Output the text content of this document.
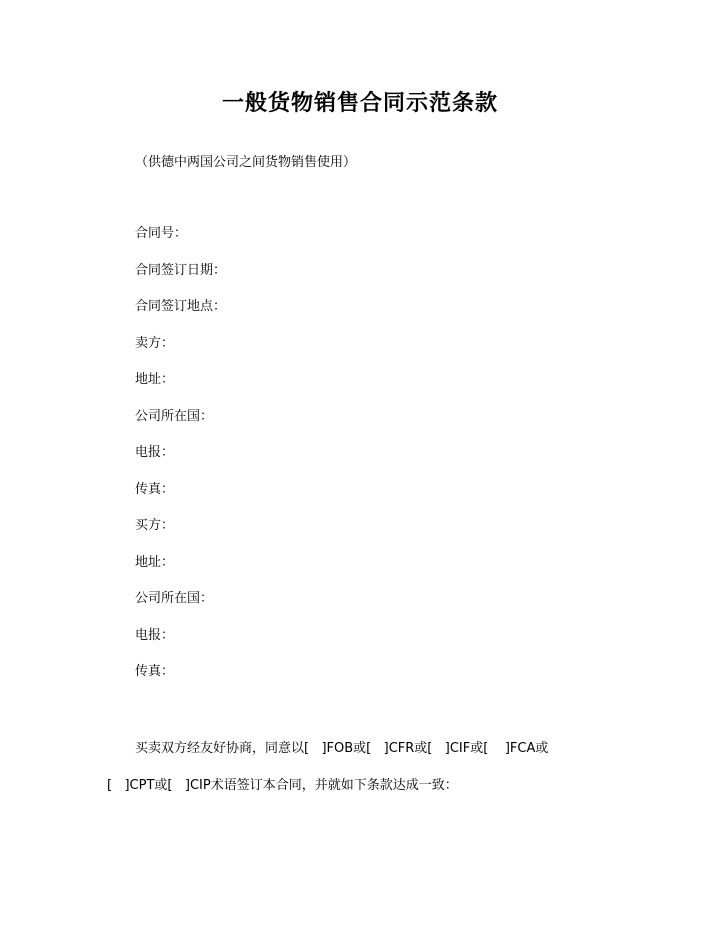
一般货物销售合同示范条款
（供德中两国公司之间货物销售使用）
合同号：
合同签订日期：
合同签订地点：
卖方：
地址：
公司所在国：
电报：
传真：
买方：
地址：
公司所在国：
电报：
传真：
买卖双方经友好协商，同意以[   ]FOB或[   ]CFR或[   ]CIF或[    ]FCA或
[   ]CPT或[   ]CIP术语签订本合同，并就如下条款达成一致：
